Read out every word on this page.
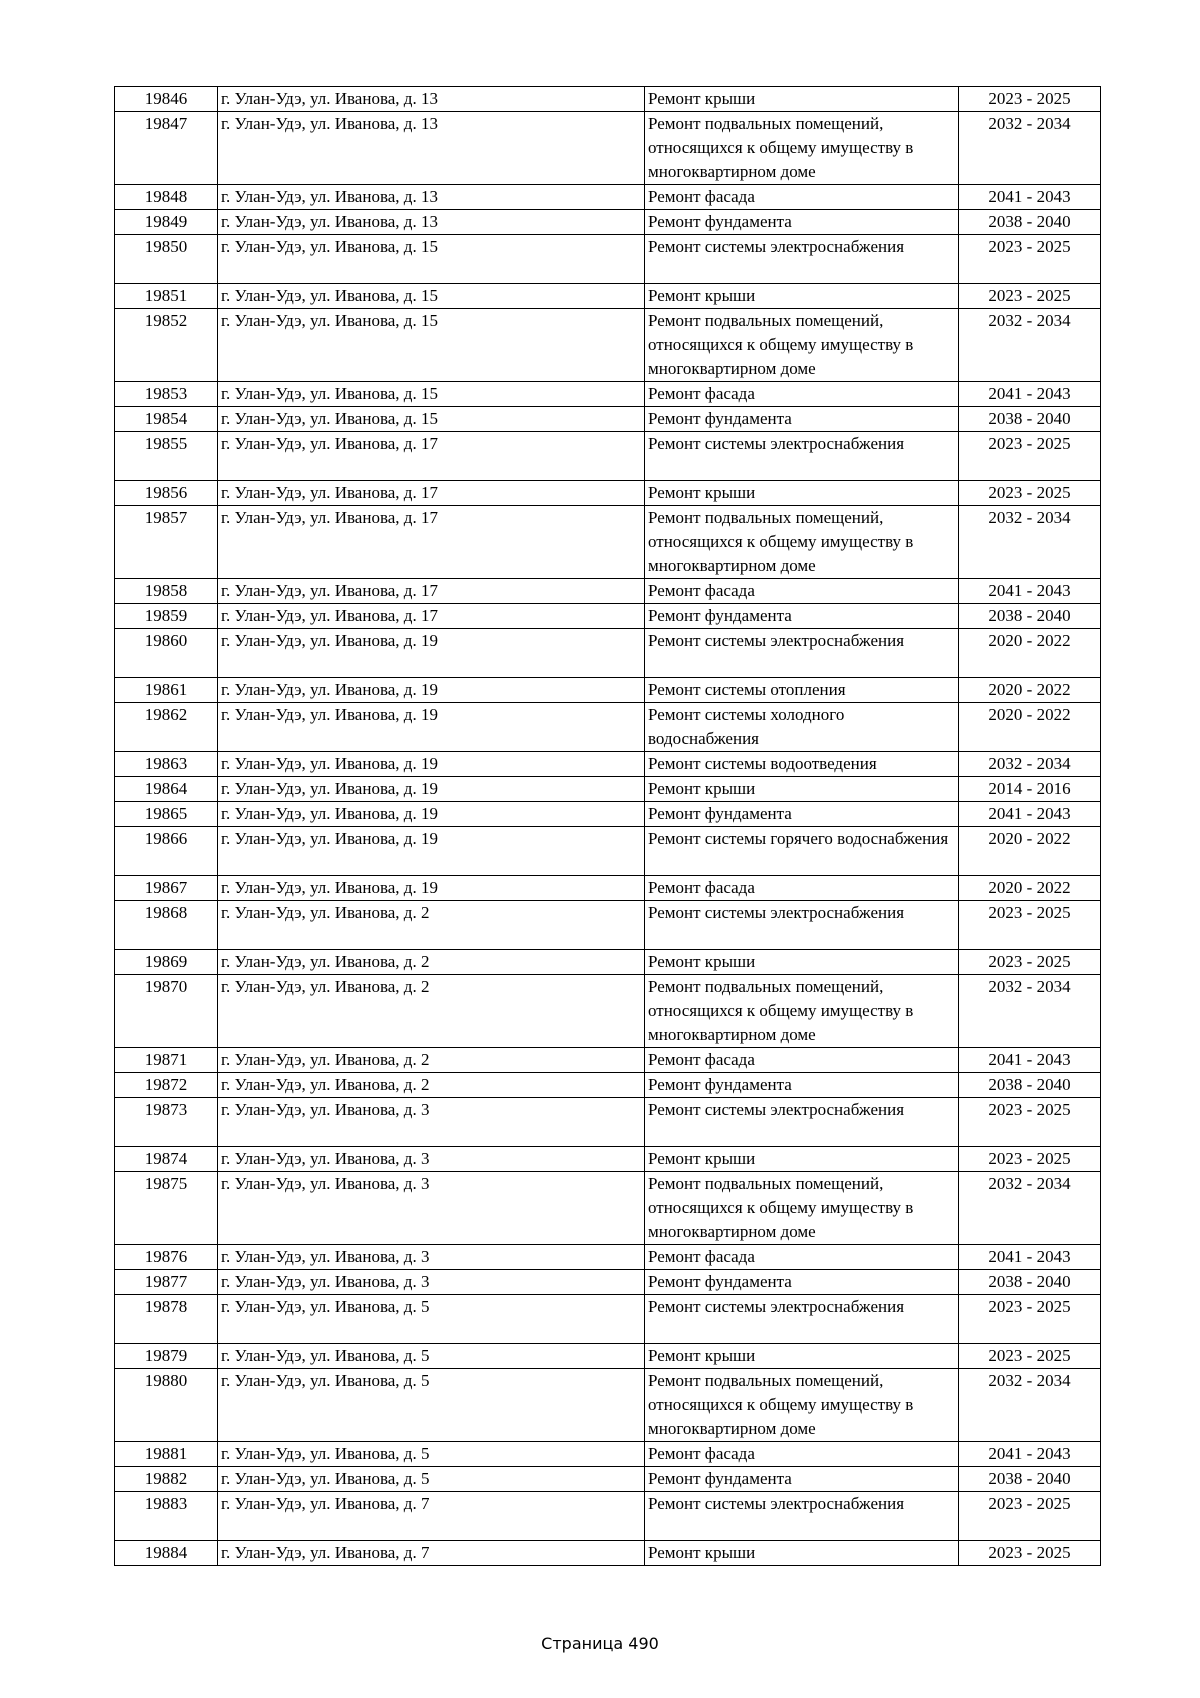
19846	г. Улан-Удэ, ул. Иванова, д. 13	Ремонт крыши	2023 - 2025
19847	г. Улан-Удэ, ул. Иванова, д. 13	Ремонт подвальных помещений, относящихся к общему имуществу в многоквартирном доме	2032 - 2034
19848	г. Улан-Удэ, ул. Иванова, д. 13	Ремонт фасада	2041 - 2043
19849	г. Улан-Удэ, ул. Иванова, д. 13	Ремонт фундамента	2038 - 2040
19850	г. Улан-Удэ, ул. Иванова, д. 15	Ремонт системы электроснабжения	2023 - 2025
19851	г. Улан-Удэ, ул. Иванова, д. 15	Ремонт крыши	2023 - 2025
19852	г. Улан-Удэ, ул. Иванова, д. 15	Ремонт подвальных помещений, относящихся к общему имуществу в многоквартирном доме	2032 - 2034
19853	г. Улан-Удэ, ул. Иванова, д. 15	Ремонт фасада	2041 - 2043
19854	г. Улан-Удэ, ул. Иванова, д. 15	Ремонт фундамента	2038 - 2040
19855	г. Улан-Удэ, ул. Иванова, д. 17	Ремонт системы электроснабжения	2023 - 2025
19856	г. Улан-Удэ, ул. Иванова, д. 17	Ремонт крыши	2023 - 2025
19857	г. Улан-Удэ, ул. Иванова, д. 17	Ремонт подвальных помещений, относящихся к общему имуществу в многоквартирном доме	2032 - 2034
19858	г. Улан-Удэ, ул. Иванова, д. 17	Ремонт фасада	2041 - 2043
19859	г. Улан-Удэ, ул. Иванова, д. 17	Ремонт фундамента	2038 - 2040
19860	г. Улан-Удэ, ул. Иванова, д. 19	Ремонт системы электроснабжения	2020 - 2022
19861	г. Улан-Удэ, ул. Иванова, д. 19	Ремонт системы отопления	2020 - 2022
19862	г. Улан-Удэ, ул. Иванова, д. 19	Ремонт системы холодного водоснабжения	2020 - 2022
19863	г. Улан-Удэ, ул. Иванова, д. 19	Ремонт системы водоотведения	2032 - 2034
19864	г. Улан-Удэ, ул. Иванова, д. 19	Ремонт крыши	2014 - 2016
19865	г. Улан-Удэ, ул. Иванова, д. 19	Ремонт фундамента	2041 - 2043
19866	г. Улан-Удэ, ул. Иванова, д. 19	Ремонт системы горячего водоснабжения	2020 - 2022
19867	г. Улан-Удэ, ул. Иванова, д. 19	Ремонт фасада	2020 - 2022
19868	г. Улан-Удэ, ул. Иванова, д. 2	Ремонт системы электроснабжения	2023 - 2025
19869	г. Улан-Удэ, ул. Иванова, д. 2	Ремонт крыши	2023 - 2025
19870	г. Улан-Удэ, ул. Иванова, д. 2	Ремонт подвальных помещений, относящихся к общему имуществу в многоквартирном доме	2032 - 2034
19871	г. Улан-Удэ, ул. Иванова, д. 2	Ремонт фасада	2041 - 2043
19872	г. Улан-Удэ, ул. Иванова, д. 2	Ремонт фундамента	2038 - 2040
19873	г. Улан-Удэ, ул. Иванова, д. 3	Ремонт системы электроснабжения	2023 - 2025
19874	г. Улан-Удэ, ул. Иванова, д. 3	Ремонт крыши	2023 - 2025
19875	г. Улан-Удэ, ул. Иванова, д. 3	Ремонт подвальных помещений, относящихся к общему имуществу в многоквартирном доме	2032 - 2034
19876	г. Улан-Удэ, ул. Иванова, д. 3	Ремонт фасада	2041 - 2043
19877	г. Улан-Удэ, ул. Иванова, д. 3	Ремонт фундамента	2038 - 2040
19878	г. Улан-Удэ, ул. Иванова, д. 5	Ремонт системы электроснабжения	2023 - 2025
19879	г. Улан-Удэ, ул. Иванова, д. 5	Ремонт крыши	2023 - 2025
19880	г. Улан-Удэ, ул. Иванова, д. 5	Ремонт подвальных помещений, относящихся к общему имуществу в многоквартирном доме	2032 - 2034
19881	г. Улан-Удэ, ул. Иванова, д. 5	Ремонт фасада	2041 - 2043
19882	г. Улан-Удэ, ул. Иванова, д. 5	Ремонт фундамента	2038 - 2040
19883	г. Улан-Удэ, ул. Иванова, д. 7	Ремонт системы электроснабжения	2023 - 2025
19884	г. Улан-Удэ, ул. Иванова, д. 7	Ремонт крыши	2023 - 2025
Страница 490
